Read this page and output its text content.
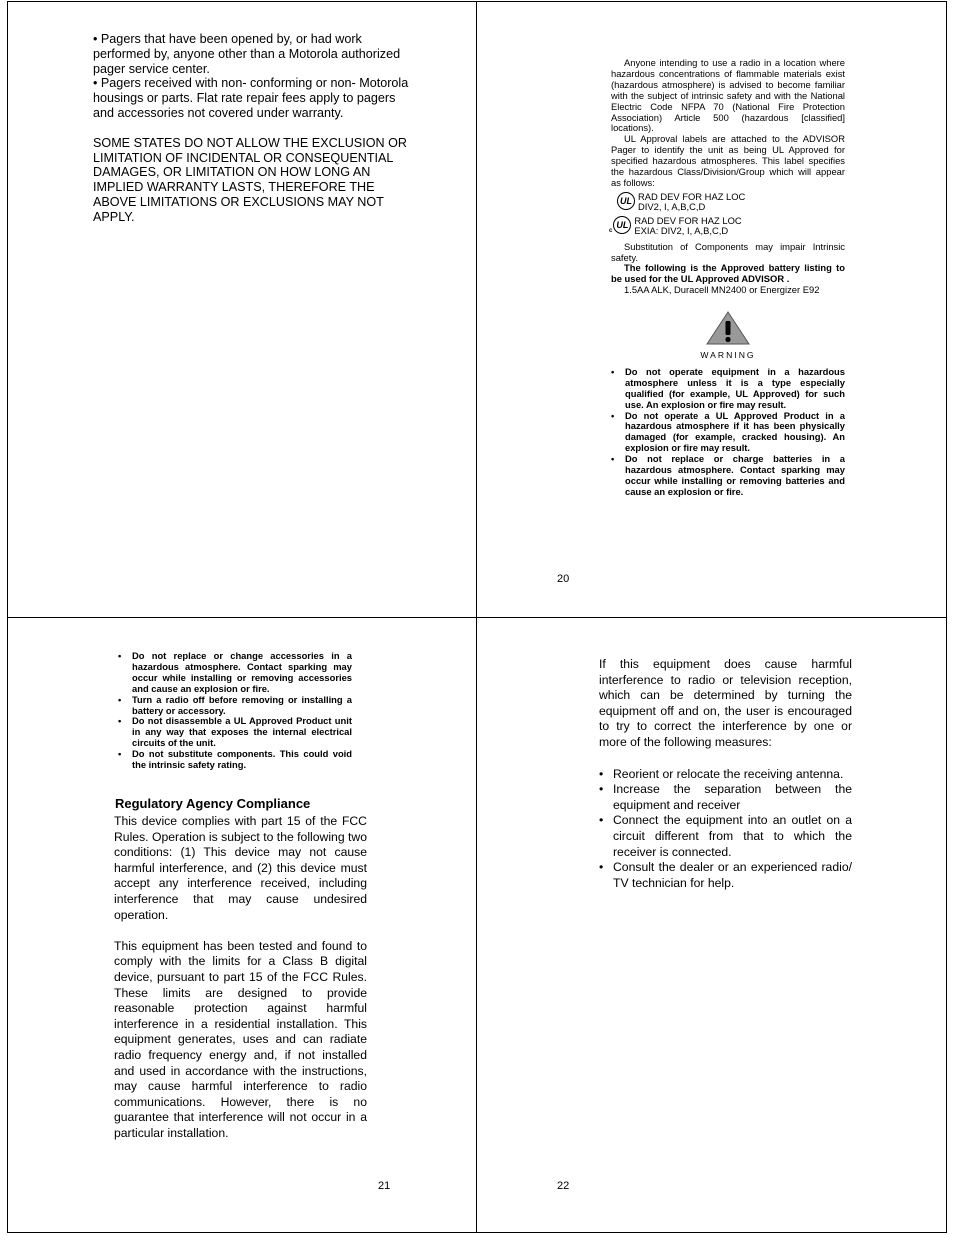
• Pagers that have been opened by, or had work performed by, anyone other than a Motorola authorized pager service center.

• Pagers received with non- conforming or non- Motorola housings or parts. Flat rate repair fees apply to pagers and accessories not covered under warranty.

SOME STATES DO NOT ALLOW THE EXCLUSION OR LIMITATION OF INCIDENTAL OR CONSEQUENTIAL DAMAGES, OR LIMITATION ON HOW LONG AN IMPLIED WARRANTY LASTS, THEREFORE THE ABOVE LIMITATIONS OR EXCLUSIONS MAY NOT APPLY.

Anyone intending to use a radio in a location where hazardous concentrations of flammable materials exist (hazardous atmosphere) is advised to become familiar with the subject of intrinsic safety and with the National Electric Code NFPA 70 (National Fire Protection Association) Article 500 (hazardous [classified] locations).

UL Approval labels are attached to the ADVISOR Pager to identify the unit as being UL Approved for specified hazardous atmospheres. This label specifies the hazardous Class/Division/Group which will appear as follows:

UL RAD DEV FOR HAZ LOC
DIV2, I, A,B,C,D
c
UL RAD DEV FOR HAZ LOC
EXIA: DIV2, I, A,B,C,D

Substitution of Components may impair Intrinsic safety.

The following is the Approved battery listing to be used for the UL Approved ADVISOR .

1.5AA ALK, Duracell MN2400 or Energizer E92

WARNING
• Do not operate equipment in a hazardous atmosphere unless it is a type especially qualified (for example, UL Approved) for such use. An explosion or fire may result.
• Do not operate a UL Approved Product in a hazardous atmosphere if it has been physically damaged (for example, cracked housing). An explosion or fire may result.
• Do not replace or charge batteries in a hazardous atmosphere. Contact sparking may occur while installing or removing batteries and cause an explosion or fire.
20
• Do not replace or change accessories in a hazardous atmosphere. Contact sparking may occur while installing or removing accessories and cause an explosion or fire.
• Turn a radio off before removing or installing a battery or accessory.
• Do not disassemble a UL Approved Product unit in any way that exposes the internal electrical circuits of the unit.
• Do not substitute components. This could void the intrinsic safety rating.
Regulatory Agency Compliance

This device complies with part 15 of the FCC Rules. Operation is subject to the following two conditions: (1) This device may not cause harmful interference, and (2) this device must accept any interference received, including interference that may cause undesired operation.

This equipment has been tested and found to comply with the limits for a Class B digital device, pursuant to part 15 of the FCC Rules. These limits are designed to provide reasonable protection against harmful interference in a residential installation. This equipment generates, uses and can radiate radio frequency energy and, if not installed and used in accordance with the instructions, may cause harmful interference to radio communications. However, there is no guarantee that interference will not occur in a particular installation.

21

If this equipment does cause harmful interference to radio or television reception, which can be determined by turning the equipment off and on, the user is encouraged to try to correct the interference by one or more of the following measures:

• Reorient or relocate the receiving antenna.
• Increase the separation between the equipment and receiver
• Connect the equipment into an outlet on a circuit different from that to which the receiver is connected.
• Consult the dealer or an experienced radio/ TV technician for help.
22
